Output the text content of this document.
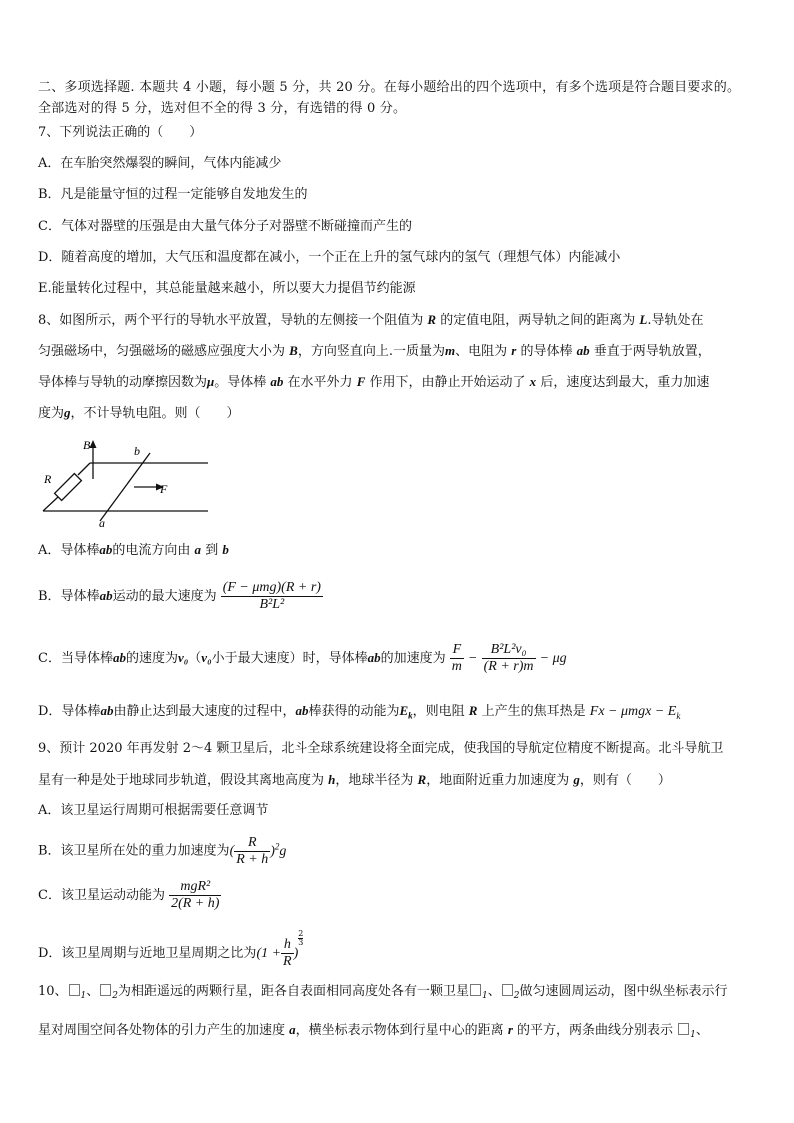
二、多项选择题. 本题共 4 小题，每小题 5 分，共 20 分。在每小题给出的四个选项中，有多个选项是符合题目要求的。
全部选对的得 5 分，选对但不全的得 3 分，有选错的得 0 分。
7、下列说法正确的（　　）
A．在车胎突然爆裂的瞬间，气体内能减少
B．凡是能量守恒的过程一定能够自发地发生的
C．气体对器壁的压强是由大量气体分子对器壁不断碰撞而产生的
D．随着高度的增加，大气压和温度都在减小，一个正在上升的氢气球内的氢气（理想气体）内能减小
E.能量转化过程中，其总能量越来越小，所以要大力提倡节约能源
8、如图所示，两个平行的导轨水平放置，导轨的左侧接一个阻值为 R 的定值电阻，两导轨之间的距离为 L.导轨处在
匀强磁场中，匀强磁场的磁感应强度大小为 B，方向竖直向上.一质量为m、电阻为 r 的导体棒 ab 垂直于两导轨放置，
导体棒与导轨的动摩擦因数为μ。导体棒 ab 在水平外力 F 作用下，由静止开始运动了 x 后，速度达到最大，重力加速
度为g，不计导轨电阻。则（　　）
B	b
R
F
a
A．导体棒ab的电流方向由 a 到 b
B．导体棒ab运动的最大速度为 $\frac{\text{(F − μmg)(R + r)}}{\text{B²L²}}$
C．当导体棒ab的速度为v₀（v₀小于最大速度）时，导体棒ab的加速度为 $\frac{F}{m} - \frac{\text{B²L²v₀}}{(R + r)m} - \mu g$
D．导体棒ab由静止达到最大速度的过程中，ab棒获得的动能为$E_k$，则电阻 R 上产生的焦耳热是 $Fx - \mu mgx - E_k$
9、预计 2020 年再发射 2～4 颗卫星后，北斗全球系统建设将全面完成，使我国的导航定位精度不断提高。北斗导航卫
星有一种是处于地球同步轨道，假设其离地高度为 h，地球半径为 R，地面附近重力加速度为 g，则有（　　）
A．该卫星运行周期可根据需要任意调节
B．该卫星所在处的重力加速度为( $\frac{R}{R + h} )^2g$
C．该卫星运动动能为 $\frac{\text{mgR²}}{2(R + h)}$
D．该卫星周期与近地卫星周期之比为($1 + \frac{h}{R}$ )
$^{\frac{2}{3}}$
10、 $_1$、 $_2$为相距遥远的两颗行星，距各自表面相同高度处各有一颗卫星 $_1$、 $_2$做匀速圆周运动，图中纵坐标表示行
星对周围空间各处物体的引力产生的加速度 a，横坐标表示物体到行星中心的距离 r 的平方，两条曲线分别表示 $_1$、
